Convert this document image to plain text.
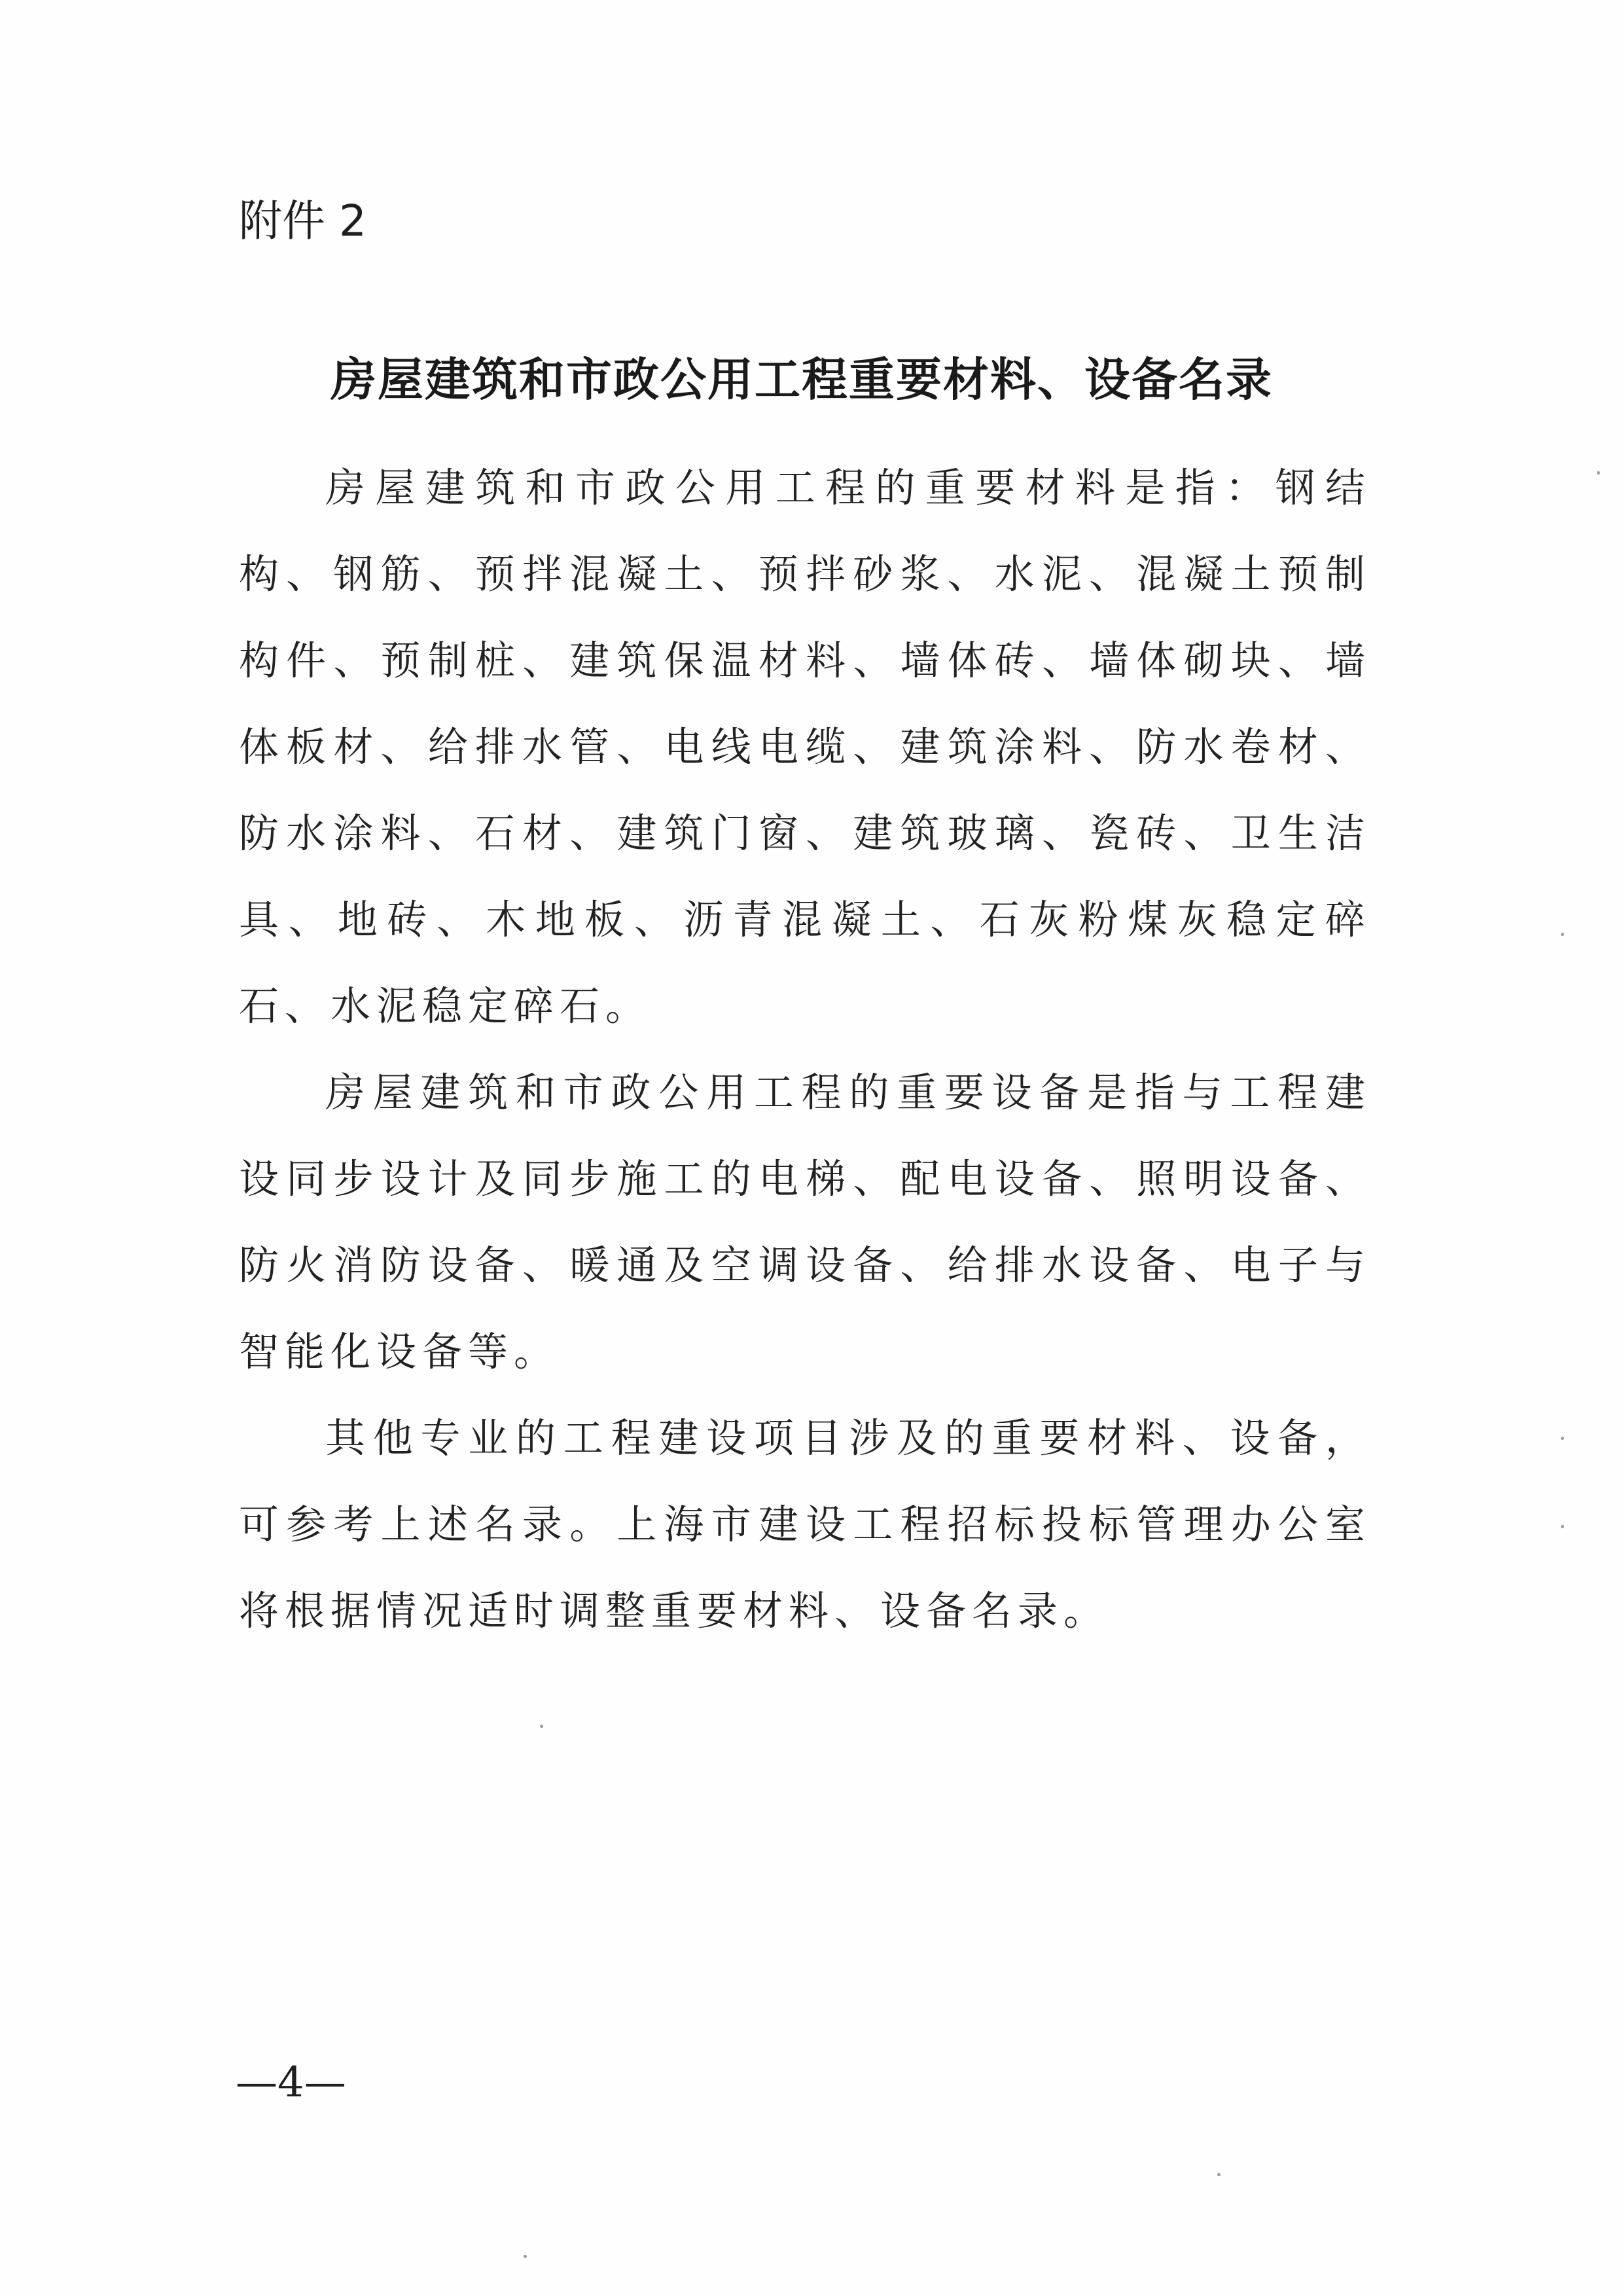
附件 2
房屋建筑和市政公用工程重要材料、设备名录

房屋建筑和市政公用工程的重要材料是指：钢结构、钢筋、预拌混凝土、预拌砂浆、水泥、混凝土预制构件、预制桩、建筑保温材料、墙体砖、墙体砌块、墙体板材、给排水管、电线电缆、建筑涂料、防水卷材、防水涂料、石材、建筑门窗、建筑玻璃、瓷砖、卫生洁具、地砖、木地板、沥青混凝土、石灰粉煤灰稳定碎石、水泥稳定碎石。

房屋建筑和市政公用工程的重要设备是指与工程建设同步设计及同步施工的电梯、配电设备、照明设备、防火消防设备、暖通及空调设备、给排水设备、电子与智能化设备等。

其他专业的工程建设项目涉及的重要材料、设备，可参考上述名录。上海市建设工程招标投标管理办公室将根据情况适时调整重要材料、设备名录。

—4—
